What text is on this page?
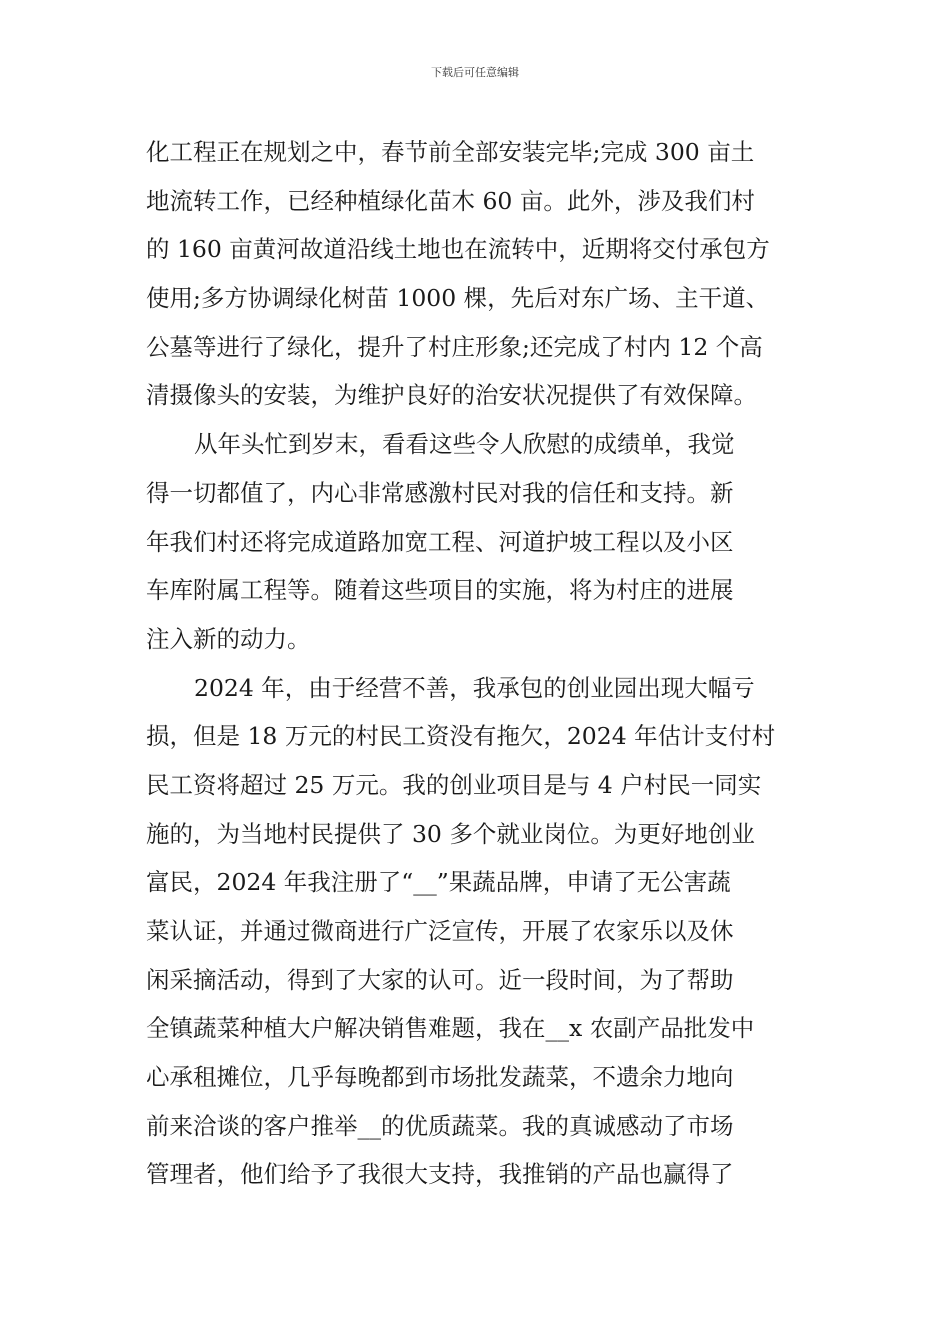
下载后可任意编辑
化工程正在规划之中，春节前全部安装完毕;完成 300 亩土
地流转工作，已经种植绿化苗木 60 亩。此外，涉及我们村
的 160 亩黄河故道沿线土地也在流转中，近期将交付承包方
使用;多方协调绿化树苗 1000 棵，先后对东广场、主干道、
公墓等进行了绿化，提升了村庄形象;还完成了村内 12 个高
清摄像头的安装，为维护良好的治安状况提供了有效保障。
从年头忙到岁末，看看这些令人欣慰的成绩单，我觉
得一切都值了，内心非常感激村民对我的信任和支持。新
年我们村还将完成道路加宽工程、河道护坡工程以及小区
车库附属工程等。随着这些项目的实施，将为村庄的进展
注入新的动力。
2024 年，由于经营不善，我承包的创业园出现大幅亏
损，但是 18 万元的村民工资没有拖欠，2024 年估计支付村
民工资将超过 25 万元。我的创业项目是与 4 户村民一同实
施的，为当地村民提供了 30 多个就业岗位。为更好地创业
富民，2024 年我注册了“__”果蔬品牌，申请了无公害蔬
菜认证，并通过微商进行广泛宣传，开展了农家乐以及休
闲采摘活动，得到了大家的认可。近一段时间，为了帮助
全镇蔬菜种植大户解决销售难题，我在__x 农副产品批发中
心承租摊位，几乎每晚都到市场批发蔬菜，不遗余力地向
前来洽谈的客户推举__的优质蔬菜。我的真诚感动了市场
管理者，他们给予了我很大支持，我推销的产品也赢得了
